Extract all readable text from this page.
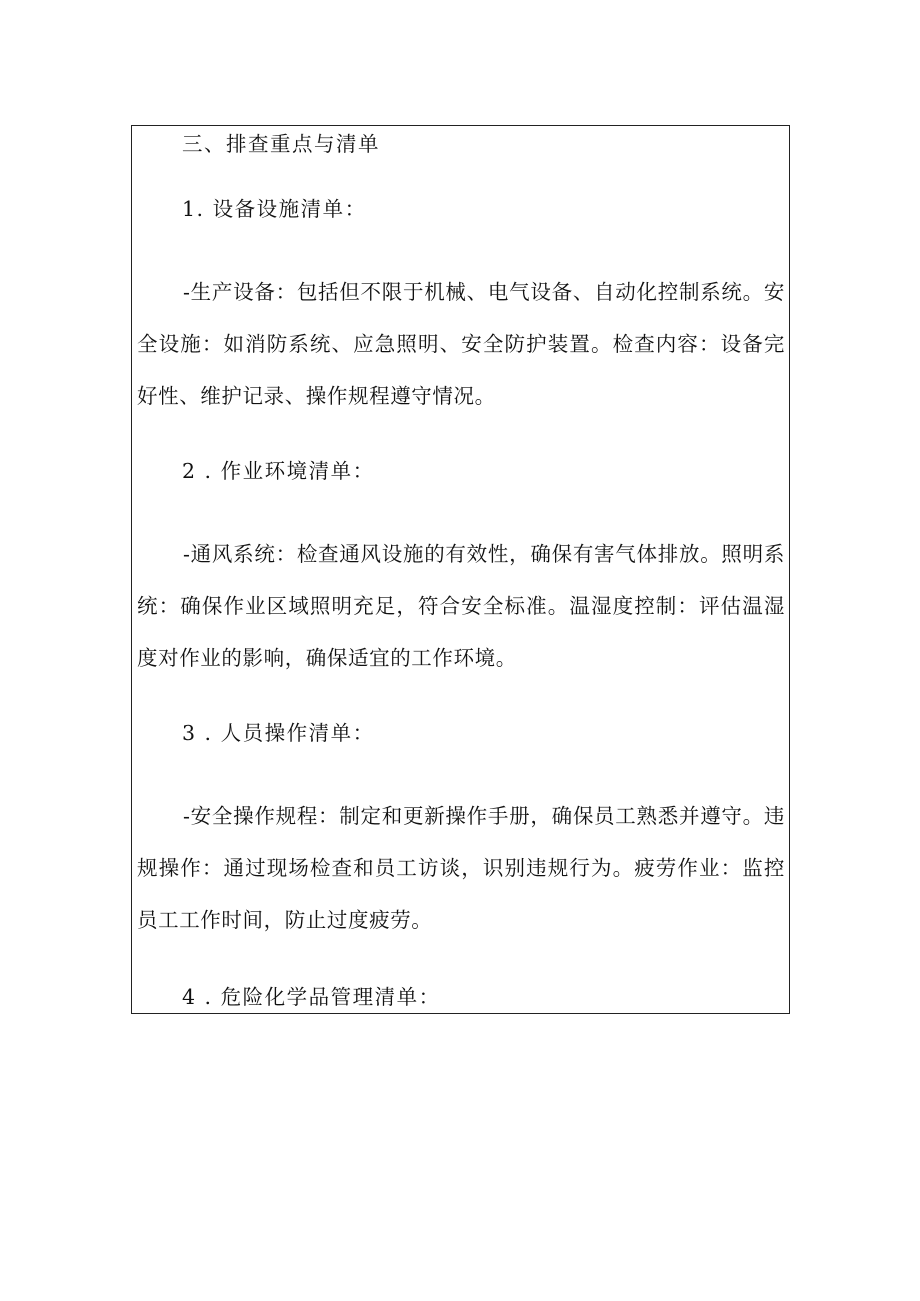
三、排查重点与清单
1. 设备设施清单：
-生产设备：包括但不限于机械、电气设备、自动化控制系统。安全设施：如消防系统、应急照明、安全防护装置。检查内容：设备完好性、维护记录、操作规程遵守情况。
2 . 作业环境清单：
-通风系统：检查通风设施的有效性，确保有害气体排放。照明系统：确保作业区域照明充足，符合安全标准。温湿度控制：评估温湿度对作业的影响，确保适宜的工作环境。
3 . 人员操作清单：
-安全操作规程：制定和更新操作手册，确保员工熟悉并遵守。违规操作：通过现场检查和员工访谈，识别违规行为。疲劳作业：监控员工工作时间，防止过度疲劳。
4 . 危险化学品管理清单：
